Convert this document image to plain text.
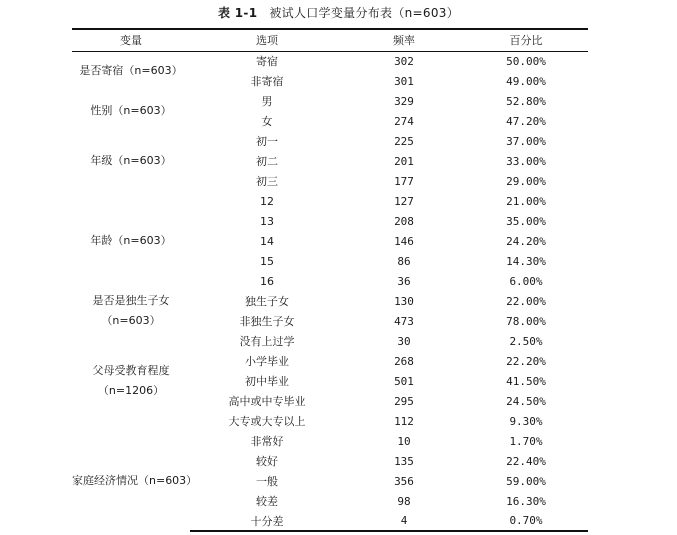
表 1-1 被试人口学变量分布表（n=603）
变量	选项	频率	百分比

是否寄宿（n=603）	寄宿	302	50.00%
	非寄宿	301	49.00%

性别（n=603）	男	329	52.80%
	女	274	47.20%

年级（n=603）	初一	225	37.00%
	初二	201	33.00%
	初三	177	29.00%

年龄（n=603）	12	127	21.00%
	13	208	35.00%
	14	146	24.20%
	15	86	14.30%
	16	36	6.00%

是否是独生子女
（n=603）	独生子女	130	22.00%
	非独生子女	473	78.00%

父母受教育程度
（n=1206）	没有上过学	30	2.50%
	小学毕业	268	22.20%
	初中毕业	501	41.50%
	高中或中专毕业	295	24.50%
	大专或大专以上	112	9.30%

家庭经济情况（n=603）	非常好	10	1.70%
	较好	135	22.40%
	一般	356	59.00%
	较差	98	16.30%
	十分差	4	0.70%
